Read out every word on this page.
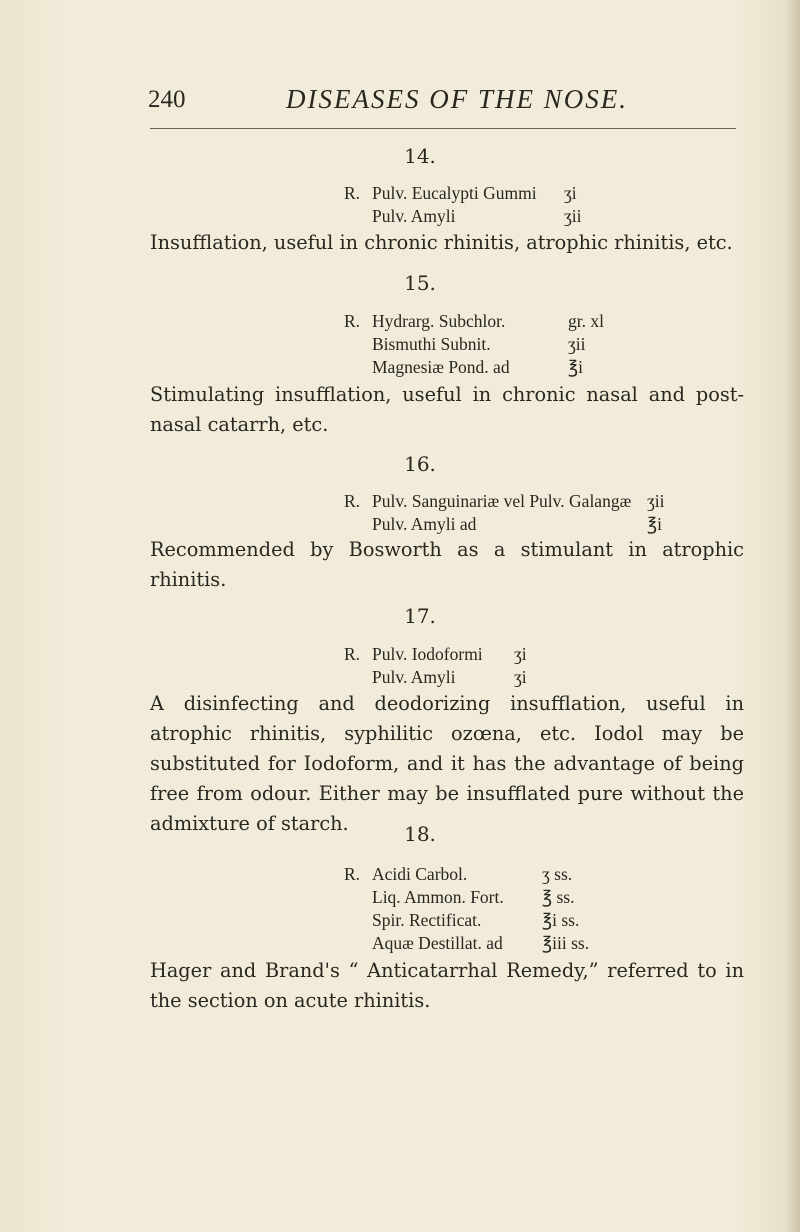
240	DISEASES OF THE NOSE.
14.
R. Pulv. Eucalypti Gummi ʒi
Pulv. Amyli	ʒii
Insufflation, useful in chronic rhinitis, atrophic rhinitis, etc.
15.
R. Hydrarg. Subchlor.	gr. xl
Bismuthi Subnit.	ʒii
Magnesiæ Pond. ad	℥i
Stimulating insufflation, useful in chronic nasal and post-nasal catarrh, etc.
16.
R. Pulv. Sanguinariæ vel Pulv. Galangæ ʒii
Pulv. Amyli ad	℥i
Recommended by Bosworth as a stimulant in atrophic rhinitis.
17.
R. Pulv. Iodoformi ʒi
Pulv. Amyli	ʒi
A disinfecting and deodorizing insufflation, useful in atrophic rhinitis, syphilitic ozœna, etc. Iodol may be substituted for Iodoform, and it has the advantage of being free from odour. Either may be insufflated pure without the admixture of starch.	18.
R. Acidi Carbol.	ʒ ss.
Liq. Ammon. Fort. ℥ ss.
Spir. Rectificat.	℥i ss.
Aquæ Destillat. ad ℥iii ss.
Hager and Brand's “ Anticatarrhal Remedy,” referred to in the section on acute rhinitis.
